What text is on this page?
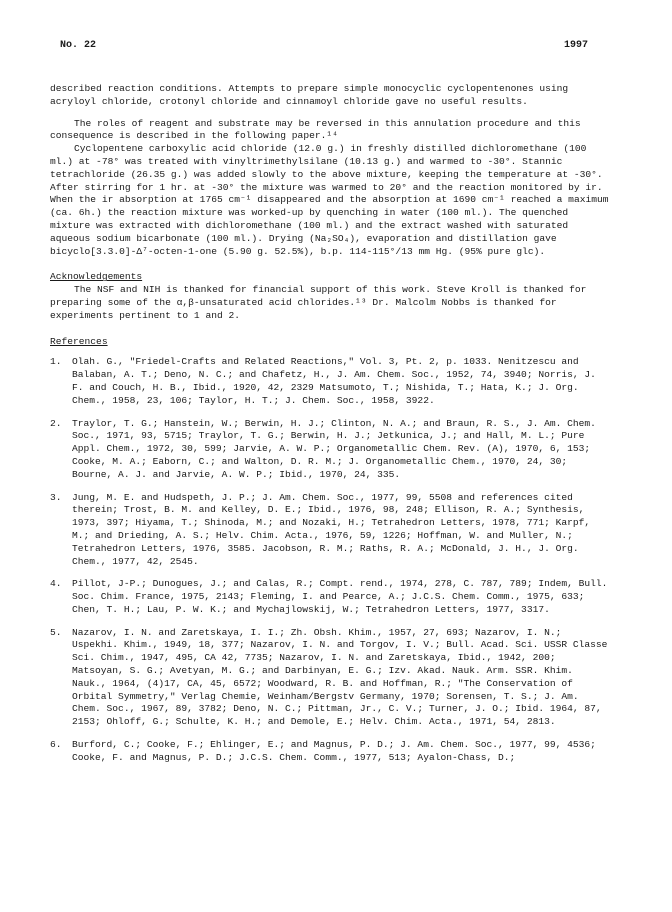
No. 22	1997

described reaction conditions. Attempts to prepare simple monocyclic cyclopentenones using acryloyl chloride, crotonyl chloride and cinnamoyl chloride gave no useful results.

The roles of reagent and substrate may be reversed in this annulation procedure and this consequence is described in the following paper.¹⁴

Cyclopentene carboxylic acid chloride (12.0 g.) in freshly distilled dichloromethane (100 ml.) at -78° was treated with vinyltrimethylsilane (10.13 g.) and warmed to -30°. Stannic tetrachloride (26.35 g.) was added slowly to the above mixture, keeping the temperature at -30°. After stirring for 1 hr. at -30° the mixture was warmed to 20° and the reaction monitored by ir. When the ir absorption at 1765 cm⁻¹ disappeared and the absorption at 1690 cm⁻¹ reached a maximum (ca. 6h.) the reaction mixture was worked-up by quenching in water (100 ml.). The quenched mixture was extracted with dichloromethane (100 ml.) and the extract washed with saturated aqueous sodium bicarbonate (100 ml.). Drying (Na₂SO₄), evaporation and distillation gave bicyclo[3.3.0]-Δ⁷-octen-1-one (5.90 g. 52.5%), b.p. 114-115°/13 mm Hg. (95% pure glc).

Acknowledgements

The NSF and NIH is thanked for financial support of this work. Steve Kroll is thanked for preparing some of the α,β-unsaturated acid chlorides.¹³ Dr. Malcolm Nobbs is thanked for experiments pertinent to 1 and 2.

References

1.	Olah. G., "Friedel-Crafts and Related Reactions," Vol. 3, Pt. 2, p. 1033. Nenitzescu and Balaban, A. T.; Deno, N. C.; and Chafetz, H., J. Am. Chem. Soc., 1952, 74, 3940; Norris, J. F. and Couch, H. B., Ibid., 1920, 42, 2329 Matsumoto, T.; Nishida, T.; Hata, K.; J. Org. Chem., 1958, 23, 106; Taylor, H. T.; J. Chem. Soc., 1958, 3922.
2.	Traylor, T. G.; Hanstein, W.; Berwin, H. J.; Clinton, N. A.; and Braun, R. S., J. Am. Chem. Soc., 1971, 93, 5715; Traylor, T. G.; Berwin, H. J.; Jetkunica, J.; and Hall, M. L.; Pure Appl. Chem., 1972, 30, 599; Jarvie, A. W. P.; Organometallic Chem. Rev. (A), 1970, 6, 153; Cooke, M. A.; Eaborn, C.; and Walton, D. R. M.; J. Organometallic Chem., 1970, 24, 30; Bourne, A. J. and Jarvie, A. W. P.; Ibid., 1970, 24, 335.
3.	Jung, M. E. and Hudspeth, J. P.; J. Am. Chem. Soc., 1977, 99, 5508 and references cited therein; Trost, B. M. and Kelley, D. E.; Ibid., 1976, 98, 248; Ellison, R. A.; Synthesis, 1973, 397; Hiyama, T.; Shinoda, M.; and Nozaki, H.; Tetrahedron Letters, 1978, 771; Karpf, M.; and Drieding, A. S.; Helv. Chim. Acta., 1976, 59, 1226; Hoffman, W. and Muller, N.; Tetrahedron Letters, 1976, 3585. Jacobson, R. M.; Raths, R. A.; McDonald, J. H., J. Org. Chem., 1977, 42, 2545.
4.	Pillot, J-P.; Dunogues, J.; and Calas, R.; Compt. rend., 1974, 278, C. 787, 789; Indem, Bull. Soc. Chim. France, 1975, 2143; Fleming, I. and Pearce, A.; J.C.S. Chem. Comm., 1975, 633; Chen, T. H.; Lau, P. W. K.; and Mychajlowskij, W.; Tetrahedron Letters, 1977, 3317.
5.	Nazarov, I. N. and Zaretskaya, I. I.; Zh. Obsh. Khim., 1957, 27, 693; Nazarov, I. N.; Uspekhi. Khim., 1949, 18, 377; Nazarov, I. N. and Torgov, I. V.; Bull. Acad. Sci. USSR Classe Sci. Chim., 1947, 495, CA 42, 7735; Nazarov, I. N. and Zaretskaya, Ibid., 1942, 200; Matsoyan, S. G.; Avetyan, M. G.; and Darbinyan, E. G.; Izv. Akad. Nauk. Arm. SSR. Khim. Nauk., 1964, (4)17, CA, 45, 6572; Woodward, R. B. and Hoffman, R.; "The Conservation of Orbital Symmetry," Verlag Chemie, Weinham/Bergstv Germany, 1970; Sorensen, T. S.; J. Am. Chem. Soc., 1967, 89, 3782; Deno, N. C.; Pittman, Jr., C. V.; Turner, J. O.; Ibid. 1964, 87, 2153; Ohloff, G.; Schulte, K. H.; and Demole, E.; Helv. Chim. Acta., 1971, 54, 2813.
6.	Burford, C.; Cooke, F.; Ehlinger, E.; and Magnus, P. D.; J. Am. Chem. Soc., 1977, 99, 4536; Cooke, F. and Magnus, P. D.; J.C.S. Chem. Comm., 1977, 513; Ayalon-Chass, D.;
